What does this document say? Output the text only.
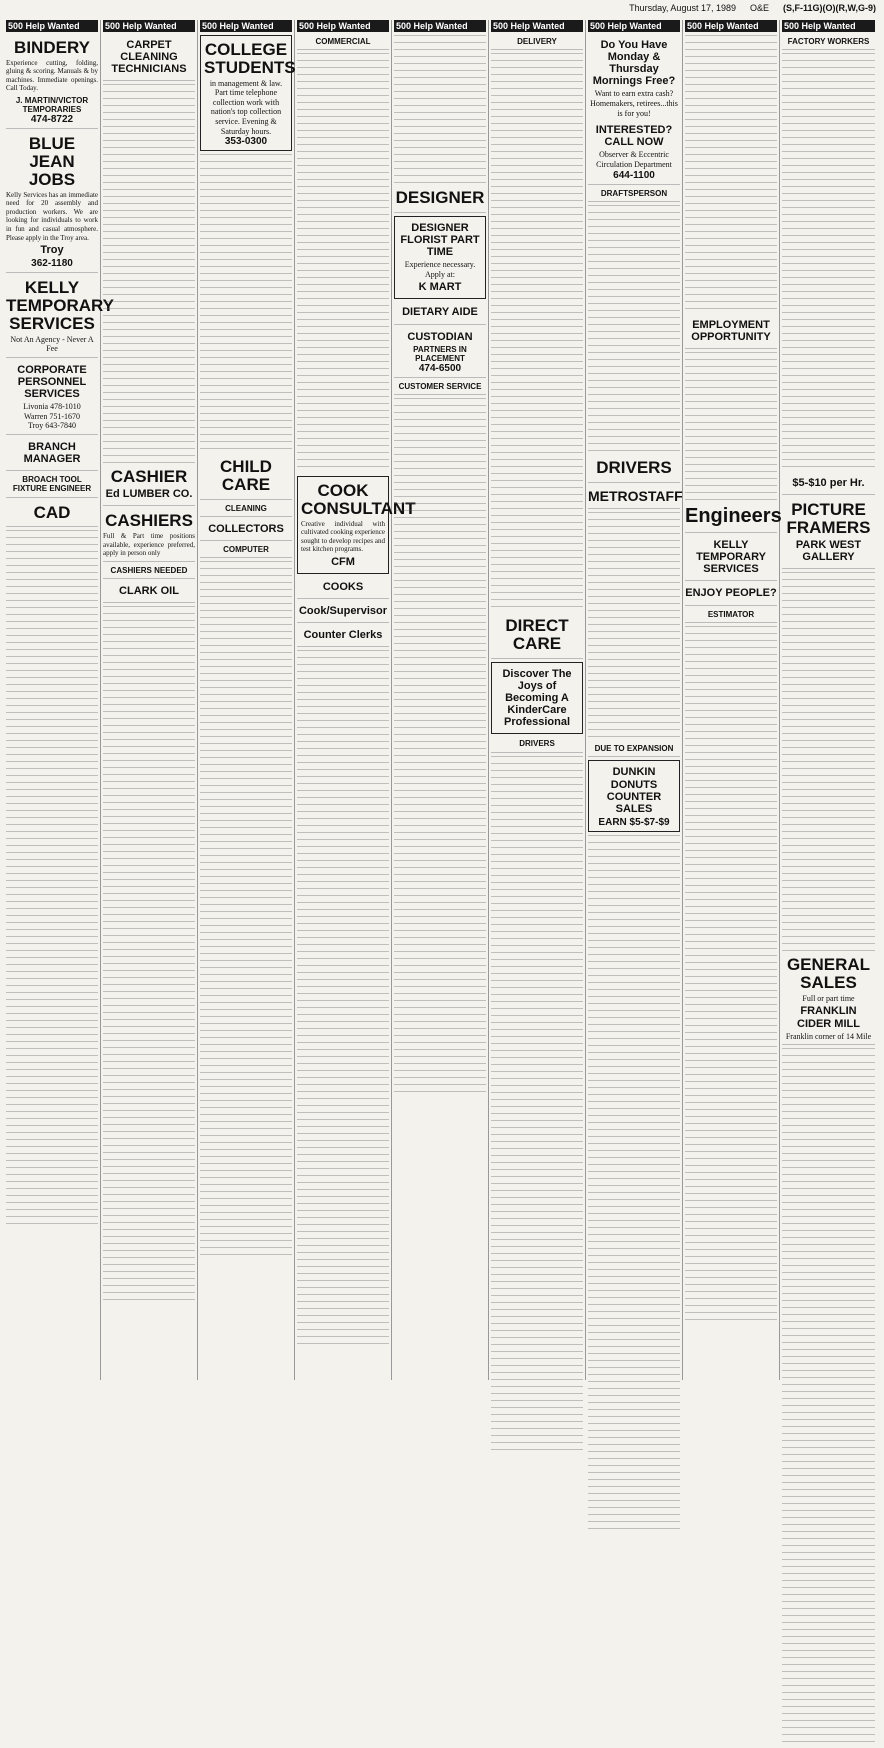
Thursday, August 17, 1989 O&E (S,F-11G)(O)(R,W,G-9)
500 Help Wanted
BINDERY
Experience cutting, folding, gluing & scoring. Manuals & by machines. Immediate openings. Call Today.
J. MARTIN/VICTOR TEMPORARIES
474-8722
BLUE JEAN JOBS
Kelly Services has an immediate need for 20 assembly and production workers. We are looking for individuals to work in fun and casual atmosphere. Please apply in the Troy area.
Troy
362-1180
KELLY TEMPORARY SERVICES
Not An Agency - Never A Fee
CORPORATE PERSONNEL SERVICES
Livonia 478-1010
Warren 751-1670
Troy 643-7840
BRANCH MANAGER
BROACH TOOL
FIXTURE ENGINEER
CAD
500 Help Wanted
CARPET CLEANING TECHNICIANS
CASHIER
Ed LUMBER CO.
CASHIERS
Full & Part time positions available, experience preferred, apply in person only
CASHIERS NEEDED
CLARK OIL
500 Help Wanted
COLLEGE STUDENTS
in management & law. Part time telephone collection work with nation's top collection service. Evening & Saturday hours.
353-0300
CHILD CARE
CLEANING
COLLECTORS
COMPUTER
500 Help Wanted
COMMERCIAL
COOK CONSULTANT
Creative individual with cultivated cooking experience sought to develop recipes and test kitchen programs.
CFM
COOKS
Cook/Supervisor
Counter Clerks
500 Help Wanted
DESIGNER
DESIGNER FLORIST PART TIME
Experience necessary. Apply at:
K MART
DIETARY AIDE
CUSTODIAN
PARTNERS IN PLACEMENT
474-6500
CUSTOMER SERVICE
500 Help Wanted
DELIVERY
DIRECT CARE
Discover The Joys of Becoming A KinderCare Professional
DRIVERS
500 Help Wanted
Do You Have Monday & Thursday Mornings Free?
Want to earn extra cash? Homemakers, retirees...this is for you!
INTERESTED? CALL NOW
Observer & Eccentric Circulation Department
644-1100
DRAFTSPERSON
DRIVERS
METROSTAFF
DUE TO EXPANSION
DUNKIN DONUTS COUNTER SALES
EARN $5-$7-$9
500 Help Wanted
EMPLOYMENT OPPORTUNITY
Engineers
KELLY TEMPORARY SERVICES
ENJOY PEOPLE?
ESTIMATOR
500 Help Wanted
FACTORY WORKERS
$5-$10 per Hr.
PICTURE FRAMERS
PARK WEST GALLERY
GENERAL SALES
Full or part time
FRANKLIN CIDER MILL
Franklin corner of 14 Mile
